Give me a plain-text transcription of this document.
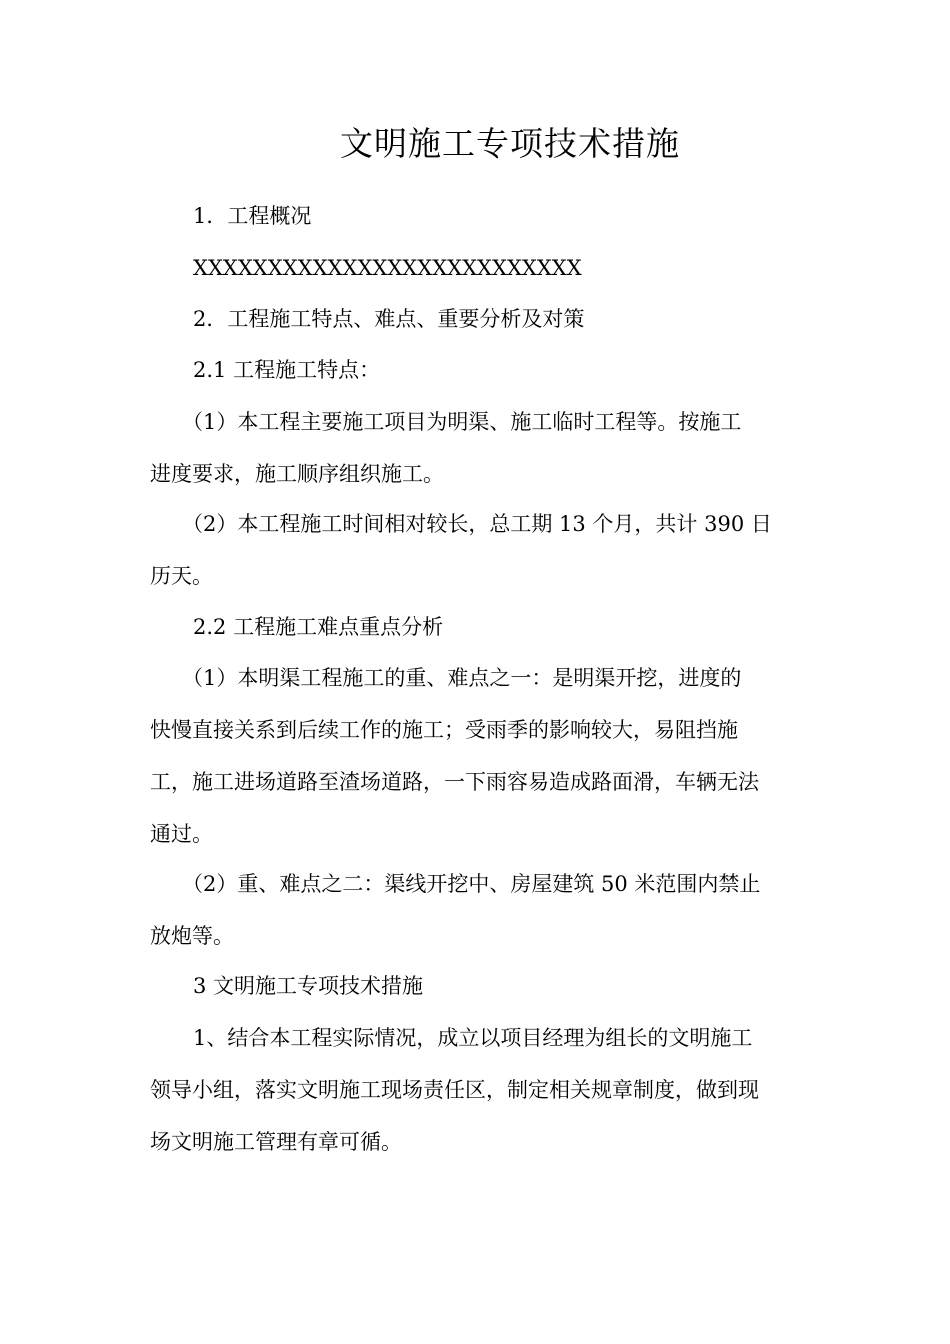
文明施工专项技术措施
1．工程概况
XXXXXXXXXXXXXXXXXXXXXXXXXX
2．工程施工特点、难点、重要分析及对策
2.1 工程施工特点：
（1）本工程主要施工项目为明渠、施工临时工程等。按施工
进度要求，施工顺序组织施工。
（2）本工程施工时间相对较长，总工期 13 个月，共计 390 日
历天。
2.2 工程施工难点重点分析
（1）本明渠工程施工的重、难点之一：是明渠开挖，进度的
快慢直接关系到后续工作的施工；受雨季的影响较大，易阻挡施
工，施工进场道路至渣场道路，一下雨容易造成路面滑，车辆无法
通过。
（2）重、难点之二：渠线开挖中、房屋建筑 50 米范围内禁止
放炮等。
3 文明施工专项技术措施
1、结合本工程实际情况，成立以项目经理为组长的文明施工
领导小组，落实文明施工现场责任区，制定相关规章制度，做到现
场文明施工管理有章可循。
